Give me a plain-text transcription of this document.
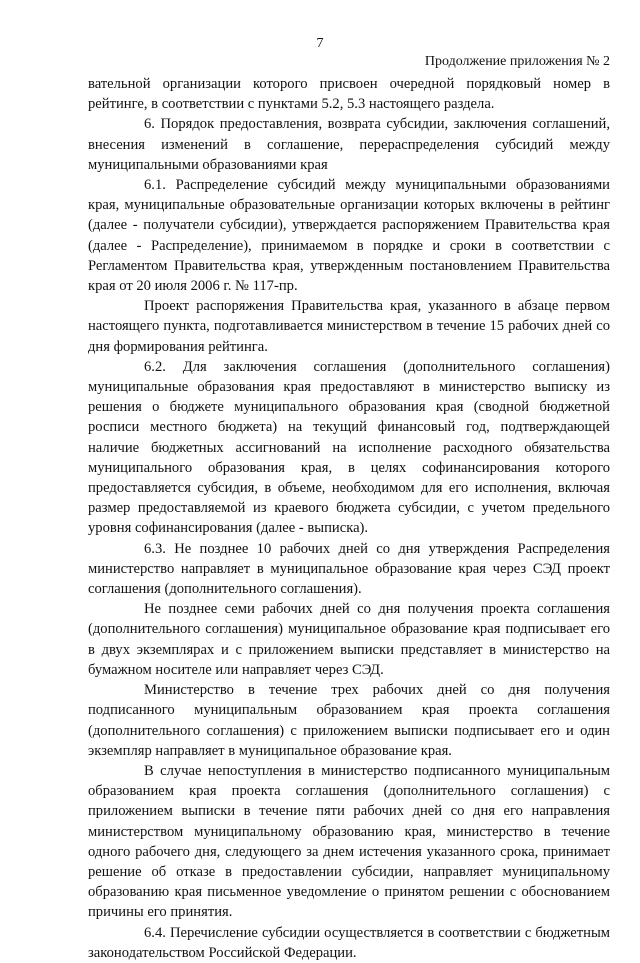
7
Продолжение приложения № 2

вательной организации которого присвоен очередной порядковый номер в рейтинге, в соответствии с пунктами 5.2, 5.3 настоящего раздела.

6. Порядок предоставления, возврата субсидии, заключения соглашений, внесения изменений в соглашение, перераспределения субсидий между муниципальными образованиями края

6.1. Распределение субсидий между муниципальными образованиями края, муниципальные образовательные организации которых включены в рейтинг (далее - получатели субсидии), утверждается распоряжением Правительства края (далее - Распределение), принимаемом в порядке и сроки в соответствии с Регламентом Правительства края, утвержденным постановлением Правительства края от 20 июля 2006 г. № 117-пр.

Проект распоряжения Правительства края, указанного в абзаце первом настоящего пункта, подготавливается министерством в течение 15 рабочих дней со дня формирования рейтинга.

6.2. Для заключения соглашения (дополнительного соглашения) муниципальные образования края предоставляют в министерство выписку из решения о бюджете муниципального образования края (сводной бюджетной росписи местного бюджета) на текущий финансовый год, подтверждающей наличие бюджетных ассигнований на исполнение расходного обязательства муниципального образования края, в целях софинансирования которого предоставляется субсидия, в объеме, необходимом для его исполнения, включая размер предоставляемой из краевого бюджета субсидии, с учетом предельного уровня софинансирования (далее - выписка).

6.3. Не позднее 10 рабочих дней со дня утверждения Распределения министерство направляет в муниципальное образование края через СЭД проект соглашения (дополнительного соглашения).

Не позднее семи рабочих дней со дня получения проекта соглашения (дополнительного соглашения) муниципальное образование края подписывает его в двух экземплярах и с приложением выписки представляет в министерство на бумажном носителе или направляет через СЭД.

Министерство в течение трех рабочих дней со дня получения подписанного муниципальным образованием края проекта соглашения (дополнительного соглашения) с приложением выписки подписывает его и один экземпляр направляет в муниципальное образование края.

В случае непоступления в министерство подписанного муниципальным образованием края проекта соглашения (дополнительного соглашения) с приложением выписки в течение пяти рабочих дней со дня его направления министерством муниципальному образованию края, министерство в течение одного рабочего дня, следующего за днем истечения указанного срока, принимает решение об отказе в предоставлении субсидии, направляет муниципальному образованию края письменное уведомление о принятом решении с обоснованием причины его принятия.

6.4. Перечисление субсидии осуществляется в соответствии с бюджетным законодательством Российской Федерации.
